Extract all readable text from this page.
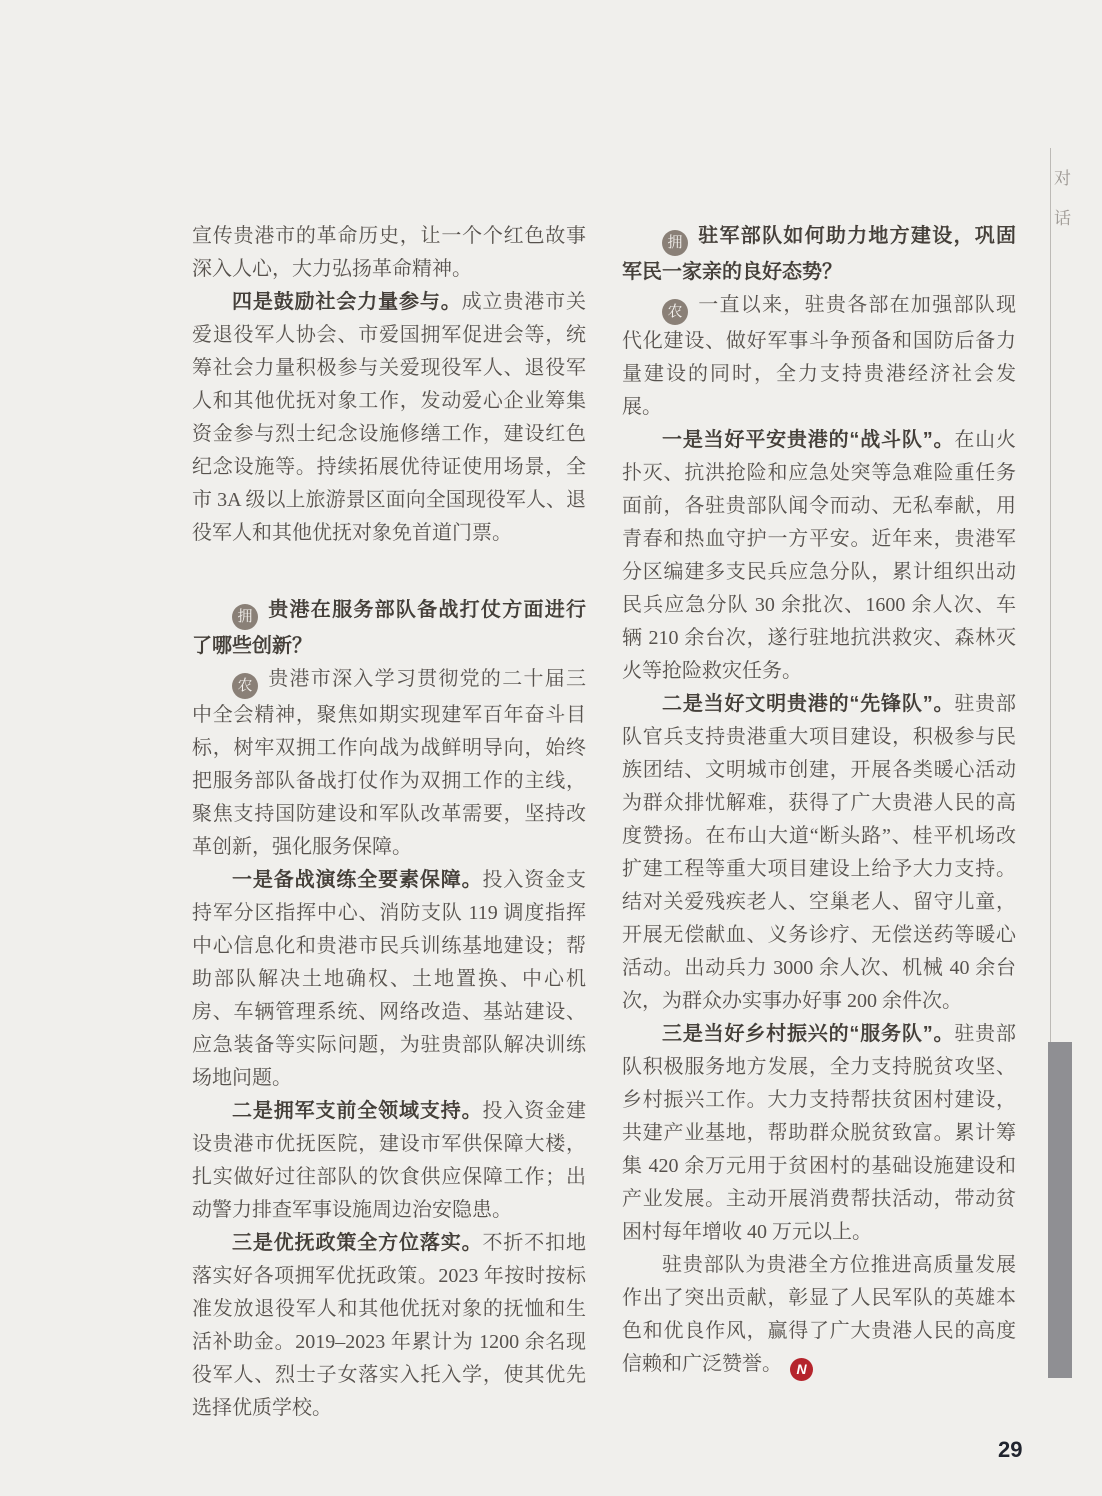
宣传贵港市的革命历史，让一个个红色故事深入人心，大力弘扬革命精神。

四是鼓励社会力量参与。成立贵港市关爱退役军人协会、市爱国拥军促进会等，统筹社会力量积极参与关爱现役军人、退役军人和其他优抚对象工作，发动爱心企业筹集资金参与烈士纪念设施修缮工作，建设红色纪念设施等。持续拓展优待证使用场景，全市 3A 级以上旅游景区面向全国现役军人、退役军人和其他优抚对象免首道门票。

拥 贵港在服务部队备战打仗方面进行了哪些创新？

农 贵港市深入学习贯彻党的二十届三中全会精神，聚焦如期实现建军百年奋斗目标，树牢双拥工作向战为战鲜明导向，始终把服务部队备战打仗作为双拥工作的主线，聚焦支持国防建设和军队改革需要，坚持改革创新，强化服务保障。

一是备战演练全要素保障。投入资金支持军分区指挥中心、消防支队 119 调度指挥中心信息化和贵港市民兵训练基地建设；帮助部队解决土地确权、土地置换、中心机房、车辆管理系统、网络改造、基站建设、应急装备等实际问题，为驻贵部队解决训练场地问题。

二是拥军支前全领域支持。投入资金建设贵港市优抚医院，建设市军供保障大楼，扎实做好过往部队的饮食供应保障工作；出动警力排查军事设施周边治安隐患。

三是优抚政策全方位落实。不折不扣地落实好各项拥军优抚政策。2023 年按时按标准发放退役军人和其他优抚对象的抚恤和生活补助金。2019–2023 年累计为 1200 余名现役军人、烈士子女落实入托入学，使其优先选择优质学校。

拥 驻军部队如何助力地方建设，巩固军民一家亲的良好态势？

农 一直以来，驻贵各部在加强部队现代化建设、做好军事斗争预备和国防后备力量建设的同时，全力支持贵港经济社会发展。

一是当好平安贵港的“战斗队”。在山火扑灭、抗洪抢险和应急处突等急难险重任务面前，各驻贵部队闻令而动、无私奉献，用青春和热血守护一方平安。近年来，贵港军分区编建多支民兵应急分队，累计组织出动民兵应急分队 30 余批次、1600 余人次、车辆 210 余台次，遂行驻地抗洪救灾、森林灭火等抢险救灾任务。

二是当好文明贵港的“先锋队”。驻贵部队官兵支持贵港重大项目建设，积极参与民族团结、文明城市创建，开展各类暖心活动为群众排忧解难，获得了广大贵港人民的高度赞扬。在布山大道“断头路”、桂平机场改扩建工程等重大项目建设上给予大力支持。结对关爱残疾老人、空巢老人、留守儿童，开展无偿献血、义务诊疗、无偿送药等暖心活动。出动兵力 3000 余人次、机械 40 余台次，为群众办实事办好事 200 余件次。

三是当好乡村振兴的“服务队”。驻贵部队积极服务地方发展，全力支持脱贫攻坚、乡村振兴工作。大力支持帮扶贫困村建设，共建产业基地，帮助群众脱贫致富。累计筹集 420 余万元用于贫困村的基础设施建设和产业发展。主动开展消费帮扶活动，带动贫困村每年增收 40 万元以上。

驻贵部队为贵港全方位推进高质量发展作出了突出贡献，彰显了人民军队的英雄本色和优良作风，赢得了广大贵港人民的高度信赖和广泛赞誉。 N

对
话
29
